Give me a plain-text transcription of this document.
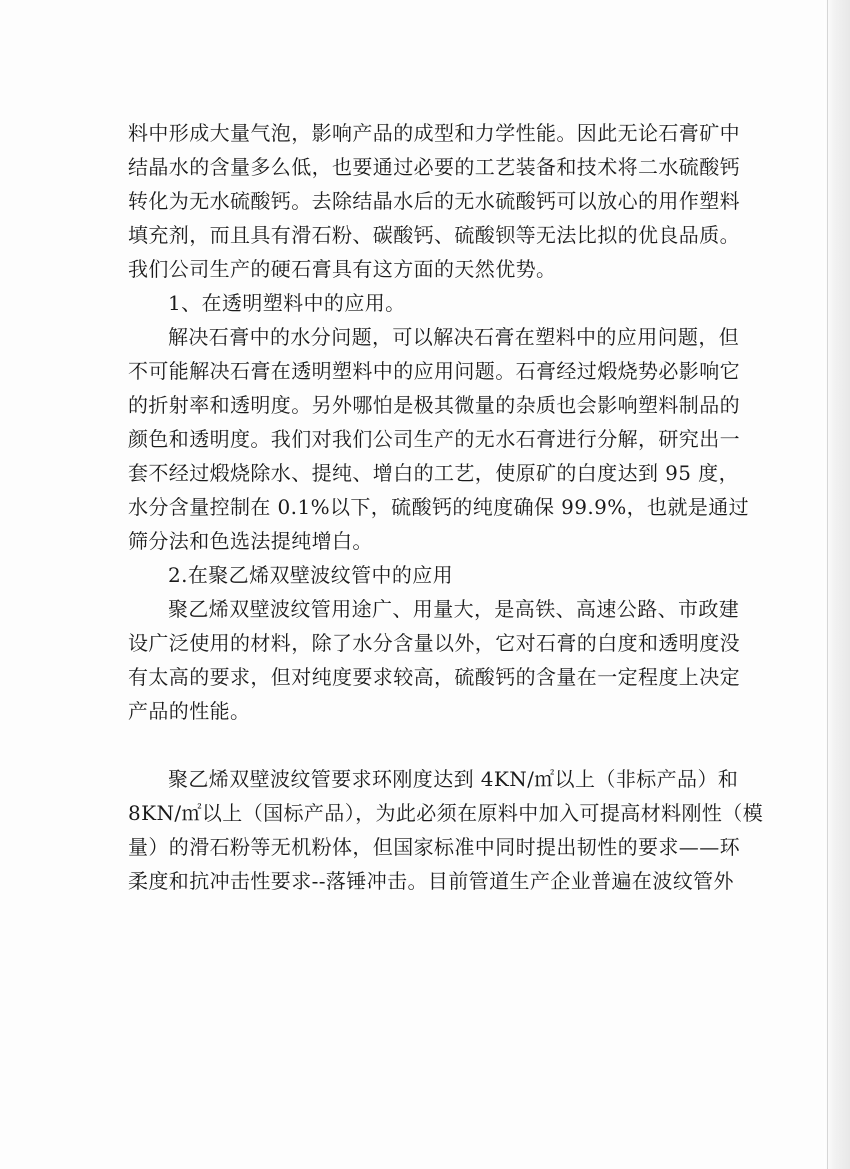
料中形成大量气泡，影响产品的成型和力学性能。因此无论石膏矿中
结晶水的含量多么低，也要通过必要的工艺装备和技术将二水硫酸钙
转化为无水硫酸钙。去除结晶水后的无水硫酸钙可以放心的用作塑料
填充剂，而且具有滑石粉、碳酸钙、硫酸钡等无法比拟的优良品质。
我们公司生产的硬石膏具有这方面的天然优势。
1、在透明塑料中的应用。
解决石膏中的水分问题，可以解决石膏在塑料中的应用问题，但
不可能解决石膏在透明塑料中的应用问题。石膏经过煅烧势必影响它
的折射率和透明度。另外哪怕是极其微量的杂质也会影响塑料制品的
颜色和透明度。我们对我们公司生产的无水石膏进行分解，研究出一
套不经过煅烧除水、提纯、增白的工艺，使原矿的白度达到 95 度，
水分含量控制在 0.1%以下，硫酸钙的纯度确保 99.9%，也就是通过
筛分法和色选法提纯增白。
2.在聚乙烯双壁波纹管中的应用
聚乙烯双壁波纹管用途广、用量大，是高铁、高速公路、市政建
设广泛使用的材料，除了水分含量以外，它对石膏的白度和透明度没
有太高的要求，但对纯度要求较高，硫酸钙的含量在一定程度上决定
产品的性能。
聚乙烯双壁波纹管要求环刚度达到 4KN/㎡以上（非标产品）和
8KN/㎡以上（国标产品），为此必须在原料中加入可提高材料刚性（模
量）的滑石粉等无机粉体，但国家标准中同时提出韧性的要求——环
柔度和抗冲击性要求--落锤冲击。目前管道生产企业普遍在波纹管外
